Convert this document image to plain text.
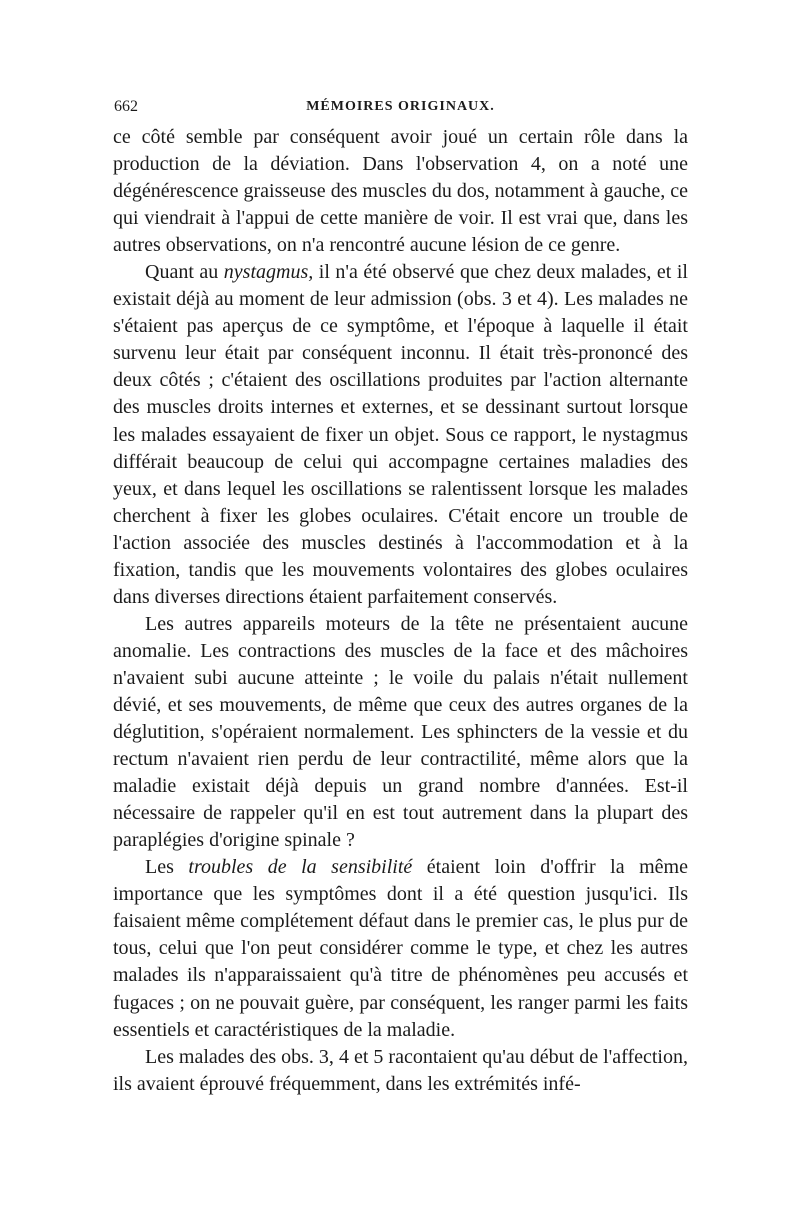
662	MÉMOIRES ORIGINAUX.

ce côté semble par conséquent avoir joué un certain rôle dans la production de la déviation. Dans l'observation 4, on a noté une dégénérescence graisseuse des muscles du dos, notamment à gauche, ce qui viendrait à l'appui de cette manière de voir. Il est vrai que, dans les autres observations, on n'a rencontré aucune lésion de ce genre.

Quant au nystagmus, il n'a été observé que chez deux malades, et il existait déjà au moment de leur admission (obs. 3 et 4). Les malades ne s'étaient pas aperçus de ce symptôme, et l'époque à laquelle il était survenu leur était par conséquent inconnu. Il était très-prononcé des deux côtés ; c'étaient des oscillations produites par l'action alternante des muscles droits internes et externes, et se dessinant surtout lorsque les malades essayaient de fixer un objet. Sous ce rapport, le nystagmus différait beaucoup de celui qui accompagne certaines maladies des yeux, et dans lequel les oscillations se ralentissent lorsque les malades cherchent à fixer les globes oculaires. C'était encore un trouble de l'action associée des muscles destinés à l'accommodation et à la fixation, tandis que les mouvements volontaires des globes oculaires dans diverses directions étaient parfaitement conservés.

Les autres appareils moteurs de la tête ne présentaient aucune anomalie. Les contractions des muscles de la face et des mâchoires n'avaient subi aucune atteinte ; le voile du palais n'était nullement dévié, et ses mouvements, de même que ceux des autres organes de la déglutition, s'opéraient normalement. Les sphincters de la vessie et du rectum n'avaient rien perdu de leur contractilité, même alors que la maladie existait déjà depuis un grand nombre d'années. Est-il nécessaire de rappeler qu'il en est tout autrement dans la plupart des paraplégies d'origine spinale ?

Les troubles de la sensibilité étaient loin d'offrir la même importance que les symptômes dont il a été question jusqu'ici. Ils faisaient même complétement défaut dans le premier cas, le plus pur de tous, celui que l'on peut considérer comme le type, et chez les autres malades ils n'apparaissaient qu'à titre de phénomènes peu accusés et fugaces ; on ne pouvait guère, par conséquent, les ranger parmi les faits essentiels et caractéristiques de la maladie.

Les malades des obs. 3, 4 et 5 racontaient qu'au début de l'affection, ils avaient éprouvé fréquemment, dans les extrémités infé-
